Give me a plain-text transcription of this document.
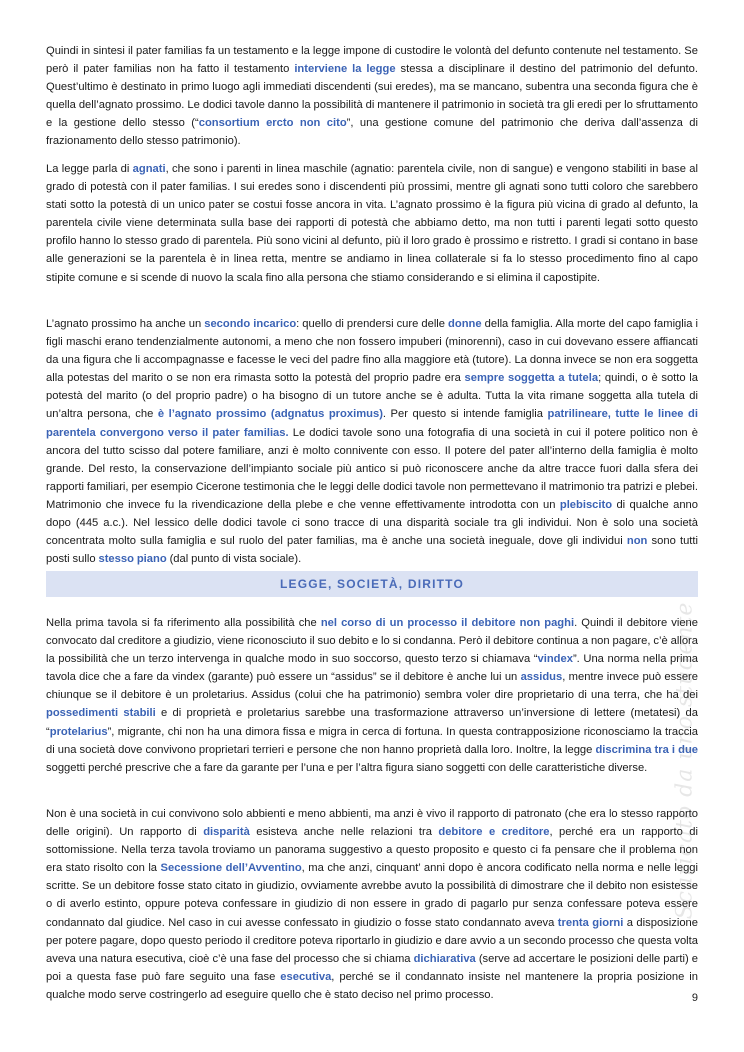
Quindi in sintesi il pater familias fa un testamento e la legge impone di custodire le volontà del defunto contenute nel testamento. Se però il pater familias non ha fatto il testamento interviene la legge stessa a disciplinare il destino del patrimonio del defunto. Quest’ultimo è destinato in primo luogo agli immediati discendenti (sui eredes), ma se mancano, subentra una seconda figura che è quella dell’agnato prossimo. Le dodici tavole danno la possibilità di mantenere il patrimonio in società tra gli eredi per lo sfruttamento e la gestione dello stesso (“consortium ercto non cito”, una gestione comune del patrimonio che deriva dall’assenza di frazionamento dello stesso patrimonio).

La legge parla di agnati, che sono i parenti in linea maschile (agnatio: parentela civile, non di sangue) e vengono stabiliti in base al grado di potestà con il pater familias. I sui eredes sono i discendenti più prossimi, mentre gli agnati sono tutti coloro che sarebbero stati sotto la potestà di un unico pater se costui fosse ancora in vita. L’agnato prossimo è la figura più vicina di grado al defunto, la parentela civile viene determinata sulla base dei rapporti di potestà che abbiamo detto, ma non tutti i parenti legati sotto questo profilo hanno lo stesso grado di parentela. Più sono vicini al defunto, più il loro grado è prossimo e ristretto. I gradi si contano in base alle generazioni se la parentela è in linea retta, mentre se andiamo in linea collaterale si fa lo stesso procedimento fino al capo stipite comune e si scende di nuovo la scala fino alla persona che stiamo considerando e si elimina il capostipite.

L’agnato prossimo ha anche un secondo incarico: quello di prendersi cure delle donne della famiglia. Alla morte del capo famiglia i figli maschi erano tendenzialmente autonomi, a meno che non fossero impuberi (minorenni), caso in cui dovevano essere affiancati da una figura che li accompagnasse e facesse le veci del padre fino alla maggiore età (tutore). La donna invece se non era soggetta alla potestas del marito o se non era rimasta sotto la potestà del proprio padre era sempre soggetta a tutela; quindi, o è sotto la potestà del marito (o del proprio padre) o ha bisogno di un tutore anche se è adulta. Tutta la vita rimane soggetta alla tutela di un’altra persona, che è l’agnato prossimo (adgnatus proximus). Per questo si intende famiglia patrilineare, tutte le linee di parentela convergono verso il pater familias. Le dodici tavole sono una fotografia di una società in cui il potere politico non è ancora del tutto scisso dal potere familiare, anzi è molto connivente con esso. Il potere del pater all’interno della famiglia è molto grande. Del resto, la conservazione dell’impianto sociale più antico si può riconoscere anche da altre tracce fuori dalla sfera dei rapporti familiari, per esempio Cicerone testimonia che le leggi delle dodici tavole non permettevano il matrimonio tra patrizi e plebei. Matrimonio che invece fu la rivendicazione della plebe e che venne effettivamente introdotta con un plebiscito di qualche anno dopo (445 a.c.). Nel lessico delle dodici tavole ci sono tracce di una disparità sociale tra gli individui. Non è solo una società concentrata molto sulla famiglia e sul ruolo del pater familias, ma è anche una società ineguale, dove gli individui non sono tutti posti sullo stesso piano (dal punto di vista sociale).

LEGGE, SOCIETÀ, DIRITTO

Nella prima tavola si fa riferimento alla possibilità che nel corso di un processo il debitore non paghi. Quindi il debitore viene convocato dal creditore a giudizio, viene riconosciuto il suo debito e lo si condanna. Però il debitore continua a non pagare, c’è allora la possibilità che un terzo intervenga in qualche modo in suo soccorso, questo terzo si chiamava “vindex”. Una norma nella prima tavola dice che a fare da vindex (garante) può essere un “assidus” se il debitore è anche lui un assidus, mentre invece può essere chiunque se il debitore è un proletarius. Assidus (colui che ha patrimonio) sembra voler dire proprietario di una terra, che ha dei possedimenti stabili e di proprietà e proletarius sarebbe una trasformazione attraverso un’inversione di lettere (metatesi) da “protelarius”, migrante, chi non ha una dimora fissa e migra in cerca di fortuna. In questa contrapposizione riconosciamo la traccia di una società dove convivono proprietari terrieri e persone che non hanno proprietà dalla loro. Inoltre, la legge discrimina tra i due soggetti perché prescrive che a fare da garante per l’una e per l’altra figura siano soggetti con delle caratteristiche diverse.

Non è una società in cui convivono solo abbienti e meno abbienti, ma anzi è vivo il rapporto di patronato (che era lo stesso rapporto delle origini). Un rapporto di disparità esisteva anche nelle relazioni tra debitore e creditore, perché era un rapporto di sottomissione. Nella terza tavola troviamo un panorama suggestivo a questo proposito e questo ci fa pensare che il problema non era stato risolto con la Secessione dell’Avventino, ma che anzi, cinquant’ anni dopo è ancora codificato nella norma e nelle leggi scritte. Se un debitore fosse stato citato in giudizio, ovviamente avrebbe avuto la possibilità di dimostrare che il debito non esistesse o di averlo estinto, oppure poteva confessare in giudizio di non essere in grado di pagarlo pur senza confessare poteva essere condannato dal giudice. Nel caso in cui avesse confessato in giudizio o fosse stato condannato aveva trenta giorni a disposizione per potere pagare, dopo questo periodo il creditore poteva riportarlo in giudizio e dare avvio a un secondo processo che questa volta aveva una natura esecutiva, cioè c’è una fase del processo che si chiama dichiarativa (serve ad accertare le posizioni delle parti) e poi a questa fase può fare seguito una fase esecutiva, perché se il condannato insiste nel mantenere la propria posizione in qualche modo serve costringerlo ad eseguire quello che è stato deciso nel primo processo.

Scaricato da uno studente
9
